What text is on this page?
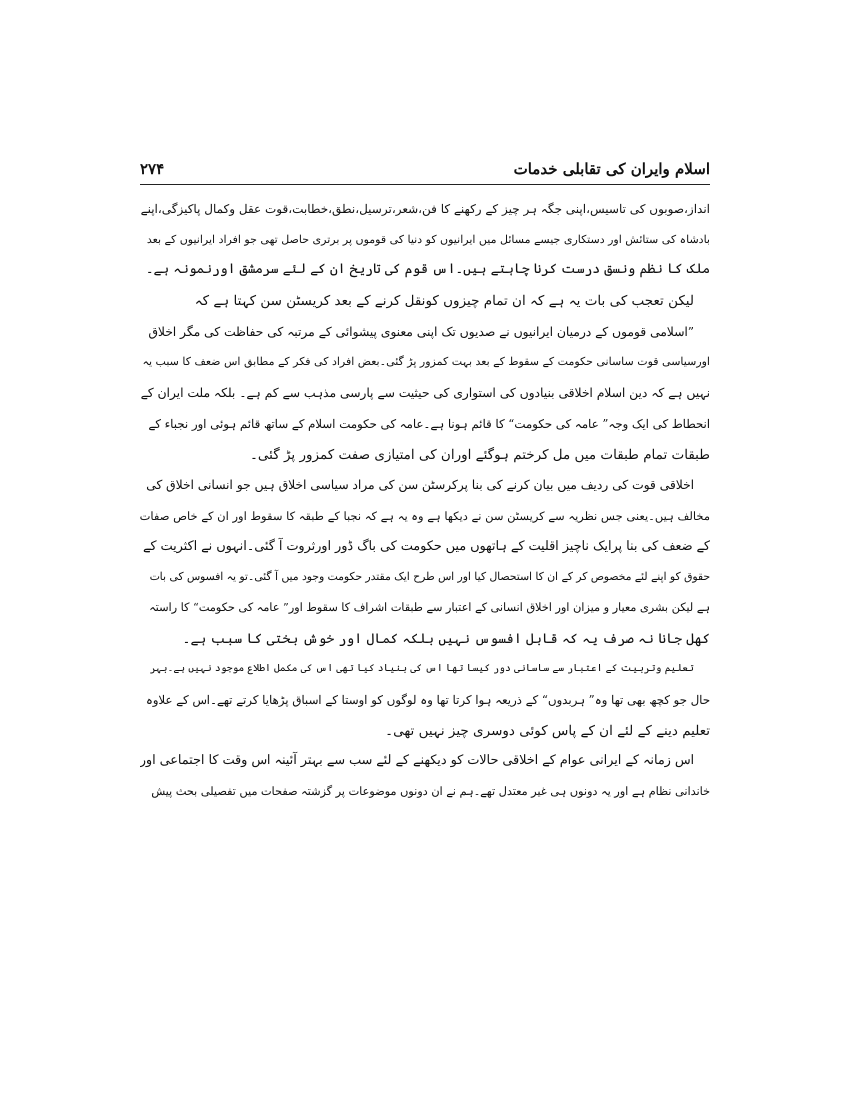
اسلام وایران کی تقابلی خدمات
۲۷۴
انداز،صوبوں کی تاسیس،اپنی جگہ ہر چیز کے رکھنے کا فن،شعر،ترسیل،نطق،خطابت،قوت عقل وکمال پاکیزگی،اپنے
بادشاہ کی ستائش اور دستکاری جیسے مسائل میں ایرانیوں کو دنیا کی قوموں پر برتری حاصل تھی جو افراد ایرانیوں کے بعد
ملک کا نظم ونسق درست کرنا چاہتے ہیں۔اس قوم کی تاریخ ان کے لئے سرمشق اورنمونہ ہے۔
لیکن تعجب کی بات یہ ہے کہ ان تمام چیزوں کونقل کرنے کے بعد کریسٹن سن کہتا ہے کہ
”اسلامی قوموں کے درمیان ایرانیوں نے صدیوں تک اپنی معنوی پیشوائی کے مرتبہ کی حفاظت کی مگر اخلاق
اورسیاسی قوت ساسانی حکومت کے سقوط کے بعد بہت کمزور پڑ گئی۔بعض افراد کی فکر کے مطابق اس ضعف کا سبب یہ
نہیں ہے کہ دین اسلام اخلاقی بنیادوں کی استواری کی حیثیت سے پارسی مذہب سے کم ہے۔ بلکہ ملت ایران کے
انحطاط کی ایک وجہ” عامہ کی حکومت“ کا قائم ہونا ہے۔عامہ کی حکومت اسلام کے ساتھ قائم ہوئی اور نجباء کے
طبقات تمام طبقات میں مل کرختم ہوگئے اوران کی امتیازی صفت کمزور پڑ گئی۔
اخلاقی قوت کی ردیف میں بیان کرنے کی بنا پرکرسٹن سن کی مراد سیاسی اخلاق ہیں جو انسانی اخلاق کی
مخالف ہیں۔یعنی جس نظریہ سے کریسٹن سن نے دیکھا ہے وہ یہ ہے کہ نجبا کے طبقہ کا سقوط اور ان کے خاص صفات
کے ضعف کی بنا پرایک ناچیز اقلیت کے ہاتھوں میں حکومت کی باگ ڈور اورثروت آ گئی۔انہوں نے اکثریت کے
حقوق کو اپنے لئے مخصوص کر کے ان کا استحصال کیا اور اس طرح ایک مقتدر حکومت وجود میں آ گئی۔تو یہ افسوس کی بات
ہے لیکن بشری معیار و میزان اور اخلاق انسانی کے اعتبار سے طبقات اشراف کا سقوط اور” عامہ کی حکومت“ کا راستہ
کھل جانا نہ صرف یہ کہ قابل افسوس نہیں بلکہ کمال اور خوش بختی کا سبب ہے۔
تعلیم وتربیت کے اعتبار سے ساسانی دور کیسا تھا اس کی بنیاد کیا تھی اس کی مکمل اطلاع موجود نہیں ہے۔بہر
حال جو کچھ بھی تھا وہ” ہربدوں“ کے ذریعہ ہوا کرتا تھا وہ لوگوں کو اوستا کے اسباق پڑھایا کرتے تھے۔اس کے علاوہ
تعلیم دینے کے لئے ان کے پاس کوئی دوسری چیز نہیں تھی۔
اس زمانہ کے ایرانی عوام کے اخلاقی حالات کو دیکھنے کے لئے سب سے بہتر آئینہ اس وقت کا اجتماعی اور
خاندانی نظام ہے اور یہ دونوں ہی غیر معتدل تھے۔ہم نے ان دونوں موضوعات پر گزشتہ صفحات میں تفصیلی بحث پیش
